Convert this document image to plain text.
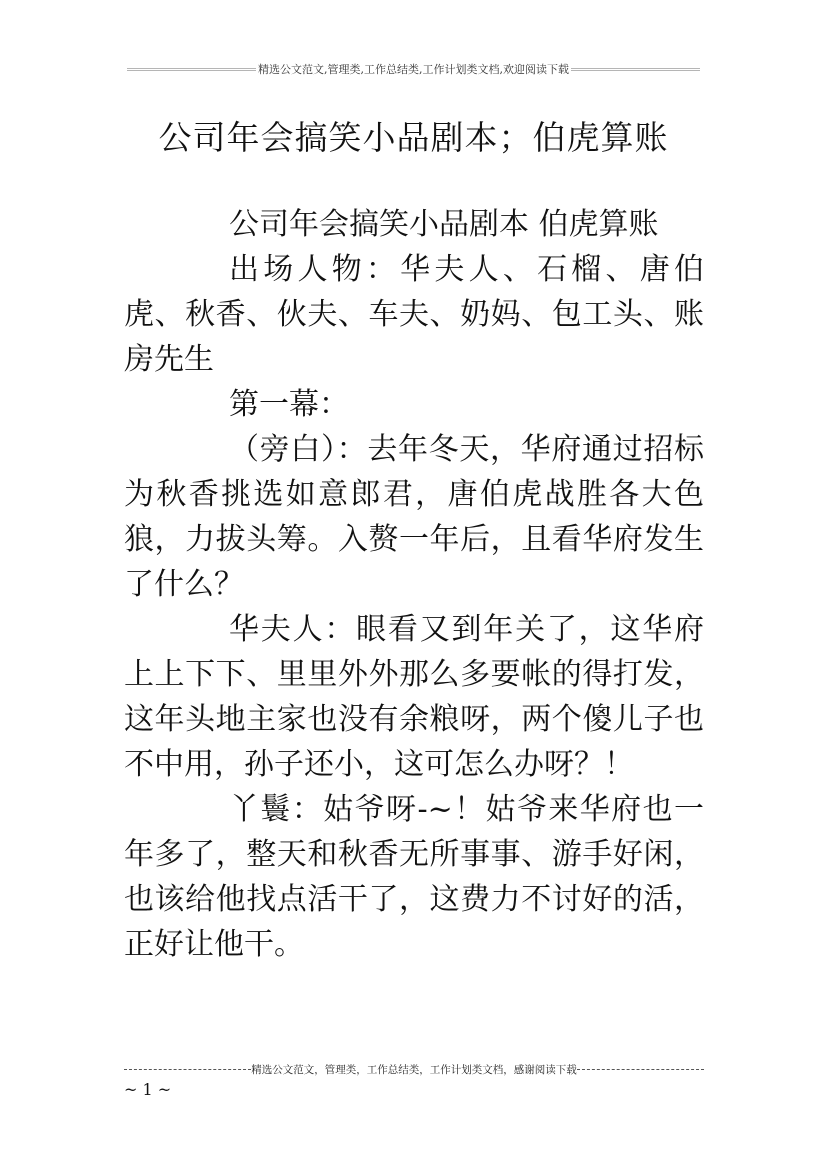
精选公文范文,管理类,工作总结类,工作计划类文档,欢迎阅读下载
公司年会搞笑小品剧本；伯虎算账

公司年会搞笑小品剧本 伯虎算账

出场人物：华夫人、石榴、唐伯虎、秋香、伙夫、车夫、奶妈、包工头、账房先生

第一幕：

（旁白）：去年冬天，华府通过招标为秋香挑选如意郎君，唐伯虎战胜各大色狼，力拔头筹。入赘一年后，且看华府发生了什么？

华夫人：眼看又到年关了，这华府上上下下、里里外外那么多要帐的得打发，这年头地主家也没有余粮呀，两个傻儿子也不中用，孙子还小，这可怎么办呀？！

丫鬟：姑爷呀-~！姑爷来华府也一年多了，整天和秋香无所事事、游手好闲，也该给他找点活干了，这费力不讨好的活，正好让他干。

精选公文范文，管理类，工作总结类，工作计划类文档，感谢阅读下载
~ 1 ~
